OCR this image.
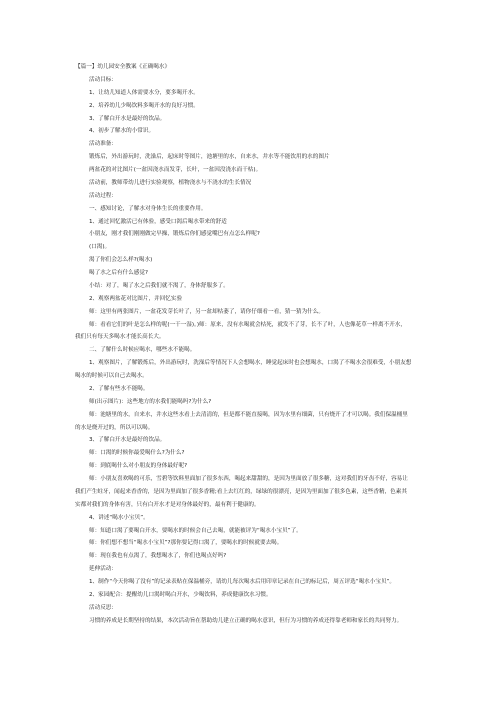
【篇一】幼儿园安全教案《正确喝水》
活动目标：
1、让幼儿知道人体需要水分，要多喝开水。
2、培养幼儿少喝饮料多喝开水的良好习惯。
3、了解白开水是最好的饮品。
4、初步了解水的小常识。
活动准备：
锻炼后，外出游玩时，洗澡后，起床时等图片，池塘里的水，自来水，井水等不能饮用的水的图片
两盆花的对比图片(一盆因浇水而发芽，长叶，一盆因没浇水而干枯)。
活动前，教师带幼儿进行实验观察，植物浇水与不浇水的生长情况
活动过程：
一、感知讨论，了解水对身体生长的重要作用。
1、通过回忆激活已有体验，感受口渴后喝水带来的舒适
小朋友，刚才我们刚刚做完早操，锻炼后你们感觉嘴巴有点怎么样呢?
(口渴)。
渴了你们会怎么样?(喝水)
喝了水之后有什么感觉?
小结：对了，喝了水之后我们就不渴了，身体舒服多了。
2、观察两盆花对比图片，并回忆实验
师：这里有两张图片，一盆花发芽长叶了，另一盆却枯萎了，请你仔细看一看，猜一猜为什么。
师：看看它们的叶是怎么样的呢(一干一湿)。)师：原来，没有水喝就会枯死，就发不了芽，长不了叶，人也像花草一样离不开水，
我们只有每天多喝水才能长高长大。
二、了解什么时候应喝水，哪些水不能喝。
1、观察图片，了解锻炼后，外出游玩时，洗澡后等情况下人会想喝水，睡觉起床时也会想喝水，口渴了不喝水会很难受，小朋友想
喝水的时候可以自己去喝水。
2、了解有些水不能喝。
师(出示图片)：这些地方的水我们能喝吗?为什么?
师：池塘里的水，自来水，井水这些水看上去清清的，但是都不能直接喝，因为水里有细菌，只有烧开了才可以喝。我们保温桶里
的水是烧开过的，所以可以喝。
3、了解白开水是最好的饮品。
师：口渴的时候你最爱喝什么?为什么?
师：到底喝什么对小朋友的身体最好呢?
师：小朋友喜欢喝的可乐，雪碧等饮料里面加了很多东西，喝起来甜甜的，是因为里面放了很多糖，这对我们的牙齿不好，容易让
我们产生蛀牙，闻起来香香的，是因为里面加了很多香精;看上去红红的，绿绿的很漂亮，是因为里面加了很多色素，这些香精，色素其
实都对我们的身体有害，只有白开水才是对身体最好的，最有利于健康的。
4、讲述“喝水小宝贝”。
师：知道口渴了要喝白开水，要喝水的时候会自己去喝，就能被评为“喝水小宝贝”了。
师：你们想不想当“喝水小宝贝”?那你要记得口渴了，要喝水的时候就要去喝。
师：现在我也有点渴了，我想喝水了，你们也喝点好吗?
延伸活动：
1、制作“今天你喝了没有”的记录表贴在保温桶旁，请幼儿每次喝水后用印章记录在自己的标记后，周五评选“喝水小宝贝”。
2、家园配合：提醒幼儿口渴时喝白开水，少喝饮料，养成健康饮水习惯。
活动反思：
习惯的养成是长期坚持的结果，本次活动旨在帮助幼儿建立正确的喝水意识，但行为习惯的养成还得靠老师和家长的共同努力。
